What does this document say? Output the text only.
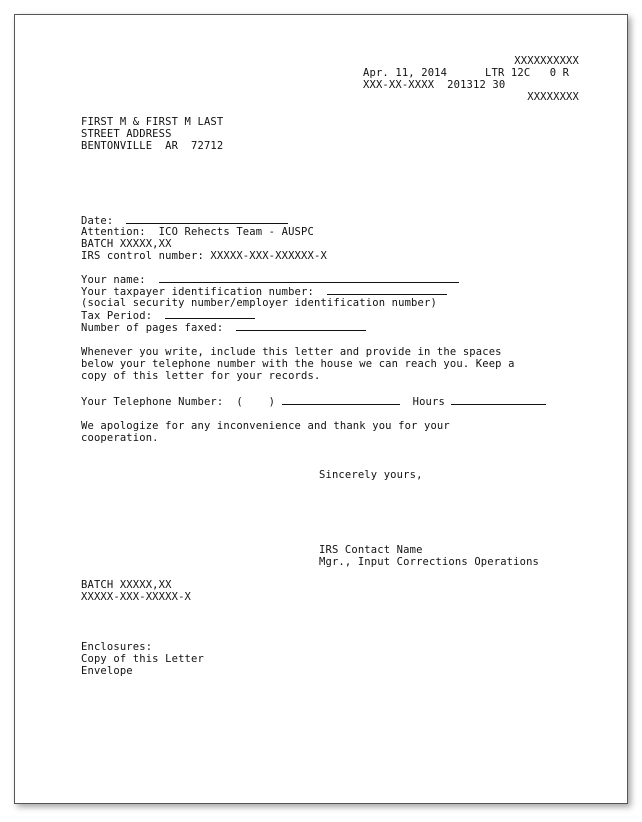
XXXXXXXXXX
Apr. 11, 2014	LTR 12C   0 R
XXX-XX-XXXX  201312 30
XXXXXXXX
FIRST M & FIRST M LAST
STREET ADDRESS
BENTONVILLE  AR  72712
Date:
Attention:  ICO Rehects Team - AUSPC
BATCH XXXXX,XX
IRS control number: XXXXX-XXX-XXXXXX-X
Your name:
Your taxpayer identification number:
(social security number/employer identification number)
Tax Period:
Number of pages faxed:
Whenever you write, include this letter and provide in the spaces
below your telephone number with the house we can reach you. Keep a
copy of this letter for your records.
Your Telephone Number:  (    )	Hours
We apologize for any inconvenience and thank you for your
cooperation.
Sincerely yours,
IRS Contact Name
Mgr., Input Corrections Operations
BATCH XXXXX,XX
XXXXX-XXX-XXXXX-X
Enclosures:
Copy of this Letter
Envelope
